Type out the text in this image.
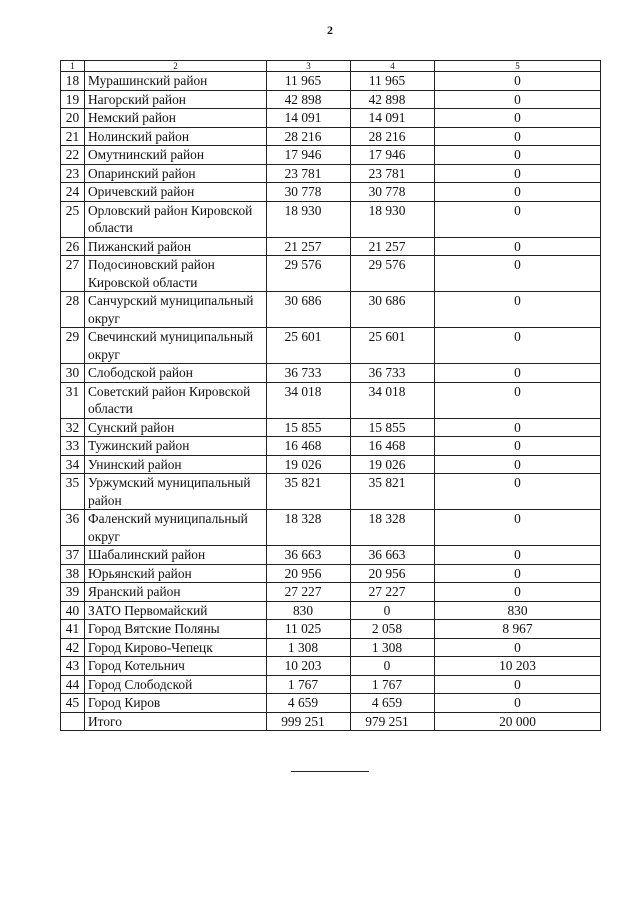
2
1	2	3	4	5
18	Мурашинский район	11 965	11 965	0
19	Нагорский район	42 898	42 898	0
20	Немский район	14 091	14 091	0
21	Нолинский район	28 216	28 216	0
22	Омутнинский район	17 946	17 946	0
23	Опаринский район	23 781	23 781	0
24	Оричевский район	30 778	30 778	0
25	Орловский район Кировской области	18 930	18 930	0
26	Пижанский район	21 257	21 257	0
27	Подосиновский район Кировской области	29 576	29 576	0
28	Санчурский муниципальный округ	30 686	30 686	0
29	Свечинский муниципальный округ	25 601	25 601	0
30	Слободской район	36 733	36 733	0
31	Советский район Кировской области	34 018	34 018	0
32	Сунский район	15 855	15 855	0
33	Тужинский район	16 468	16 468	0
34	Унинский район	19 026	19 026	0
35	Уржумский муниципальный район	35 821	35 821	0
36	Фаленский муниципальный округ	18 328	18 328	0
37	Шабалинский район	36 663	36 663	0
38	Юрьянский район	20 956	20 956	0
39	Яранский район	27 227	27 227	0
40	ЗАТО Первомайский	830	0	830
41	Город Вятские Поляны	11 025	2 058	8 967
42	Город Кирово-Чепецк	1 308	1 308	0
43	Город Котельнич	10 203	0	10 203
44	Город Слободской	1 767	1 767	0
45	Город Киров	4 659	4 659	0
	Итого	999 251	979 251	20 000
